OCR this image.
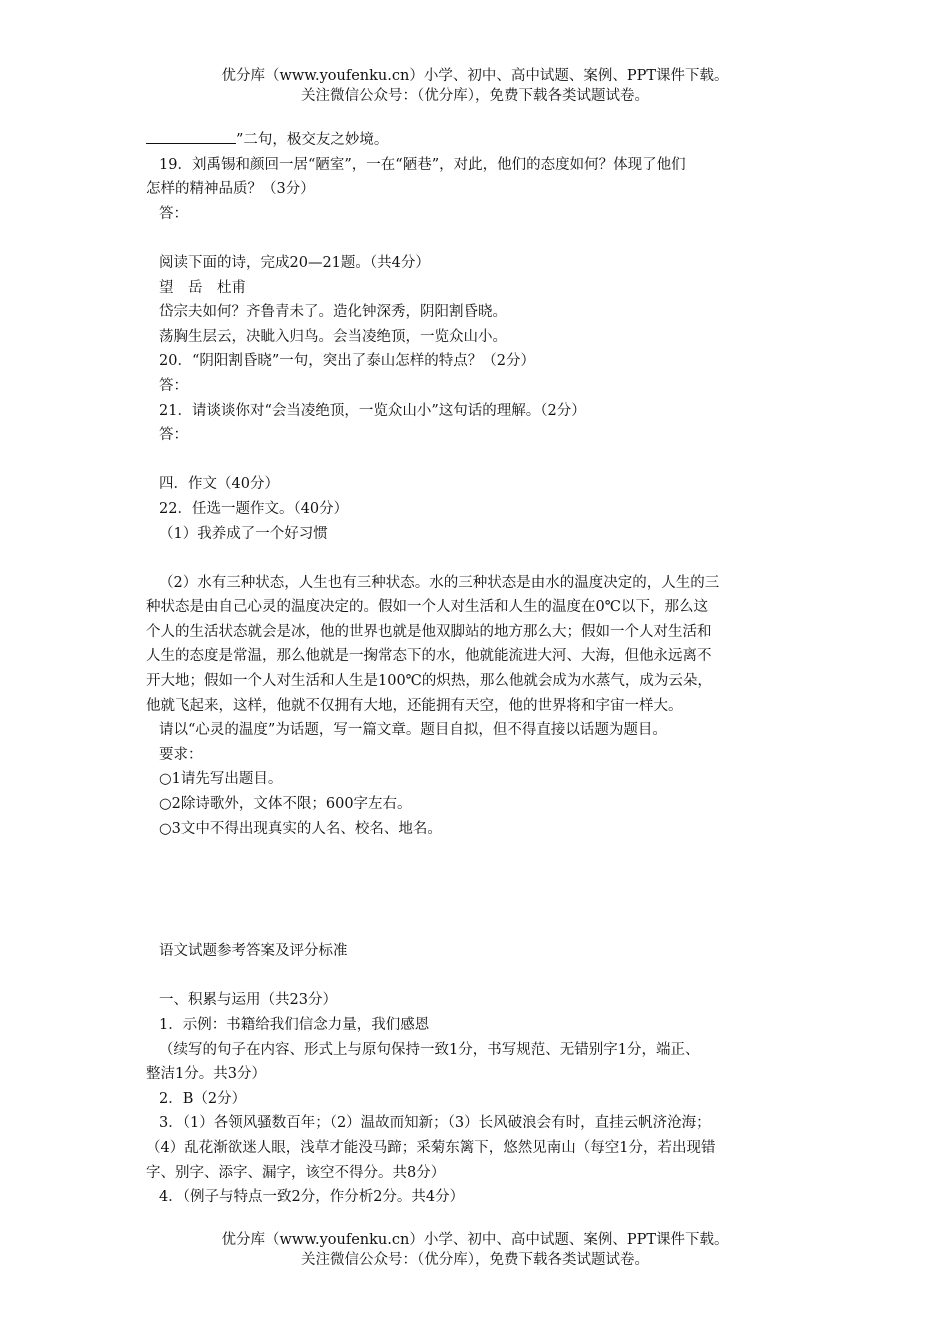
优分库（www.youfenku.cn）小学、初中、高中试题、案例、PPT课件下载。
关注微信公众号：（优分库），免费下载各类试题试卷。

”二句，极交友之妙境。

19．刘禹锡和颜回一居“陋室”，一在“陋巷”，对此，他们的态度如何？体现了他们

怎样的精神品质？（3分）

答：

阅读下面的诗，完成20—21题。（共4分）

望　岳　杜甫

岱宗夫如何？齐鲁青未了。造化钟深秀，阴阳割昏晓。

荡胸生层云，决眦入归鸟。会当凌绝顶，一览众山小。

20．“阴阳割昏晓”一句，突出了泰山怎样的特点？（2分）

答：

21．请谈谈你对“会当凌绝顶，一览众山小”这句话的理解。（2分）

答：

四．作文（40分）

22．任选一题作文。（40分）

（1）我养成了一个好习惯

（2）水有三种状态，人生也有三种状态。水的三种状态是由水的温度决定的，人生的三

种状态是由自己心灵的温度决定的。假如一个人对生活和人生的温度在0℃以下，那么这

个人的生活状态就会是冰，他的世界也就是他双脚站的地方那么大；假如一个人对生活和

人生的态度是常温，那么他就是一掬常态下的水，他就能流进大河、大海，但他永远离不

开大地；假如一个人对生活和人生是100℃的炽热，那么他就会成为水蒸气，成为云朵，

他就飞起来，这样，他就不仅拥有大地，还能拥有天空，他的世界将和宇宙一样大。

请以“心灵的温度”为话题，写一篇文章。题目自拟，但不得直接以话题为题目。

要求：

○1请先写出题目。

○2除诗歌外，文体不限；600字左右。

○3文中不得出现真实的人名、校名、地名。

语文试题参考答案及评分标准

一、积累与运用（共23分）

1．示例：书籍给我们信念力量，我们感恩

（续写的句子在内容、形式上与原句保持一致1分，书写规范、无错别字1分，端正、

整洁1分。共3分）

2．B（2分）

3．（1）各领风骚数百年；（2）温故而知新；（3）长风破浪会有时，直挂云帆济沧海；

（4）乱花渐欲迷人眼，浅草才能没马蹄；采菊东篱下，悠然见南山（每空1分，若出现错

字、别字、添字、漏字，该空不得分。共8分）

4．（例子与特点一致2分，作分析2分。共4分）

优分库（www.youfenku.cn）小学、初中、高中试题、案例、PPT课件下载。
关注微信公众号：（优分库），免费下载各类试题试卷。
